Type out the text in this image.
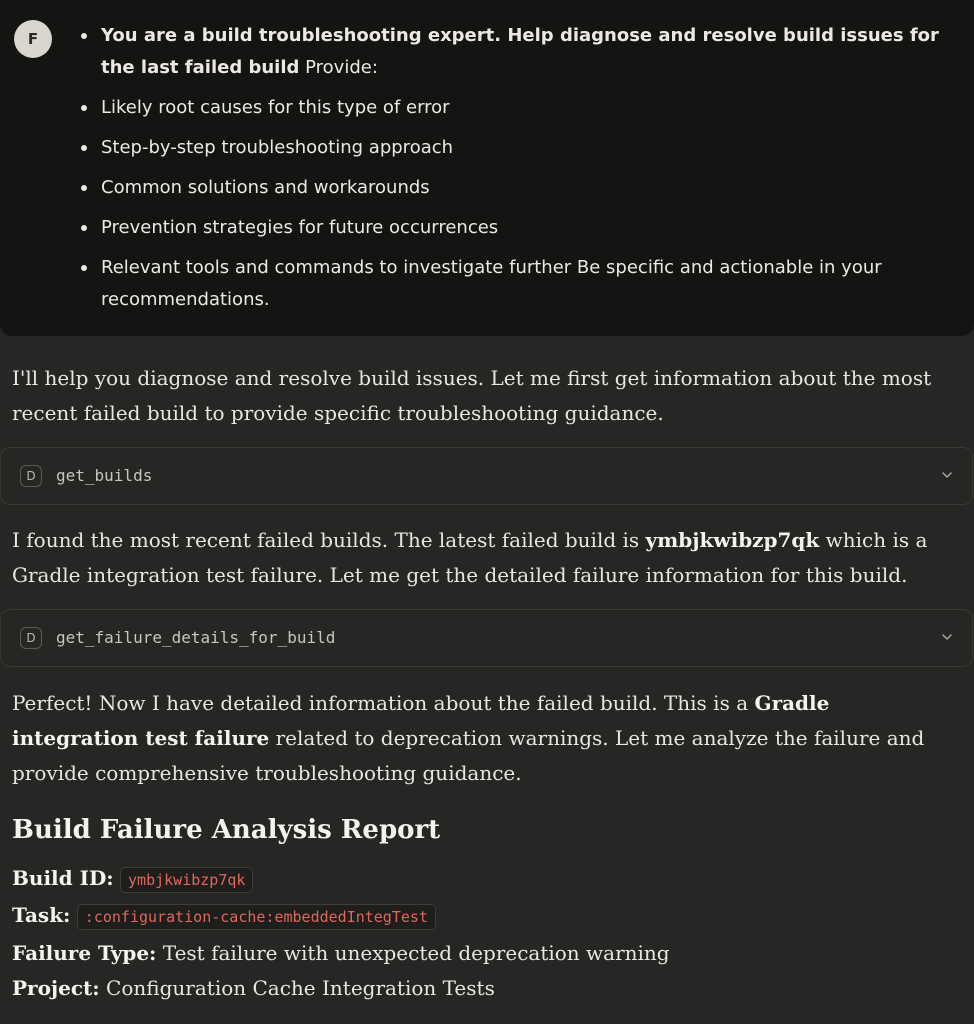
F	You are a build troubleshooting expert. Help diagnose and resolve build issues for the last failed build Provide:
Likely root causes for this type of error
Step-by-step troubleshooting approach
Common solutions and workarounds
Prevention strategies for future occurrences
Relevant tools and commands to investigate further Be specific and actionable in your recommendations.
I'll help you diagnose and resolve build issues. Let me first get information about the most recent failed build to provide specific troubleshooting guidance.
D	get_builds
I found the most recent failed builds. The latest failed build is ymbjkwibzp7qk which is a Gradle integration test failure. Let me get the detailed failure information for this build.
D	get_failure_details_for_build
Perfect! Now I have detailed information about the failed build. This is a Gradle integration test failure related to deprecation warnings. Let me analyze the failure and provide comprehensive troubleshooting guidance.
Build Failure Analysis Report
Build ID: ymbjkwibzp7qk
Task: :configuration-cache:embeddedIntegTest
Failure Type: Test failure with unexpected deprecation warning
Project: Configuration Cache Integration Tests
